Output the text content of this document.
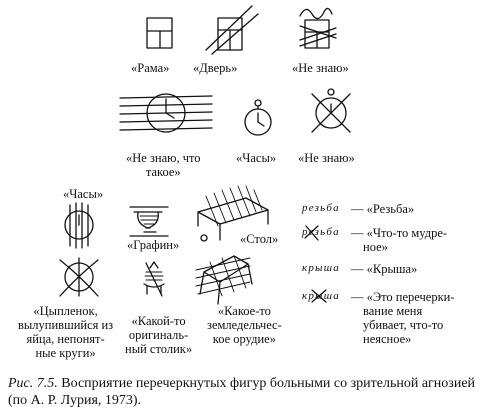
«Рама» «Дверь»	«Не знаю»
«Не знаю, что
такое»
«Часы» «Не знаю»
«Часы»
«Графин»	«Стол»
резьба — «Резьба»
резьба — «Что-то мудре-
ное»
крыша — «Крыша»
крыша — «Это перечерки-
вание меня
убивает, что-то
неясное»
«Цыпленок,
вылупившийся из
яйца, непонят-
ные круги»
«Какой-то
оригиналь-
ный столик»
«Какое-то
земледельчес-
кое орудие»
Рис. 7.5. Восприятие перечеркнутых фигур больными со зрительной агнозией (по А. Р. Лурия, 1973).
